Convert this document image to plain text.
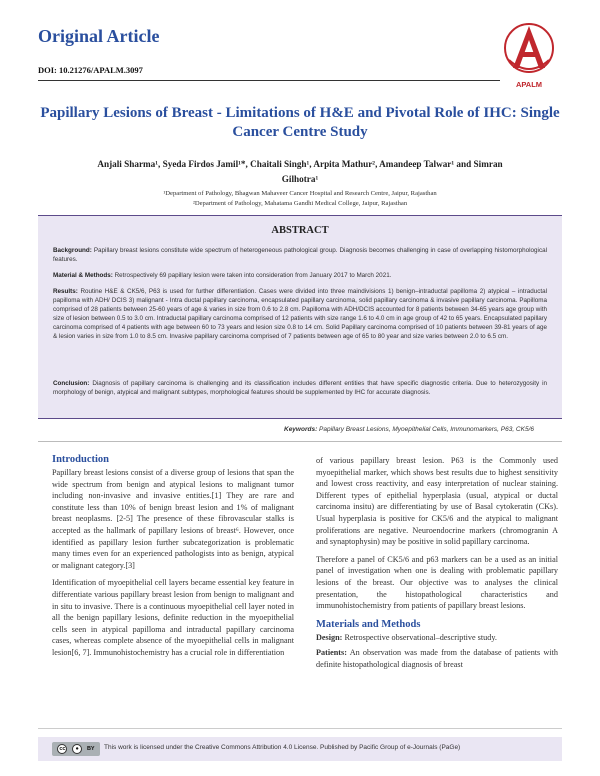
Original Article
DOI: 10.21276/APALM.3097
APALM
Papillary Lesions of Breast - Limitations of H&E and Pivotal Role of IHC: Single Cancer Centre Study
Anjali Sharma¹, Syeda Firdos Jamil¹*, Chaitali Singh¹, Arpita Mathur², Amandeep Talwar¹ and Simran Gilhotra¹
¹Department of Pathology, Bhagwan Mahaveer Cancer Hospital and Research Centre, Jaipur, Rajasthan
²Department of Pathology, Mahatama Gandhi Medical College, Jaipur, Rajasthan
ABSTRACT
Background: Papillary breast lesions constitute wide spectrum of heterogeneous pathological group. Diagnosis becomes challenging in case of overlapping histomorphological features.
Material & Methods: Retrospectively 69 papillary lesion were taken into consideration from January 2017 to March 2021.
Results: Routine H&E & CK5/6, P63 is used for further differentiation. Cases were divided into three maindivisions 1) benign–intraductal papilloma 2) atypical – intraductal papilloma with ADH/ DCIS 3) malignant - Intra ductal papillary carcinoma, encapsulated papillary carcinoma, solid papillary carcinoma & invasive papillary carcinoma. Papilloma comprised of 28 patients between 25-60 years of age & varies in size from 0.6 to 2.8 cm. Papilloma with ADH/DCIS accounted for 8 patients between 34-65 years age group with size of lesion between 0.5 to 3.0 cm. Intraductal papillary carcinoma comprised of 12 patients with size range 1.6 to 4.0 cm in age group of 42 to 65 years. Encapsulated papillary carcinoma comprised of 4 patients with age between 60 to 73 years and lesion size 0.8 to 14 cm. Solid Papillary carcinoma comprised of 10 patients between 39-81 years of age & lesion varies in size from 1.0 to 8.5 cm. Invasive papillary carcinoma comprised of 7 patients between age of 65 to 80 year and size varies between 2.0 to 6.5 cm.
Conclusion: Diagnosis of papillary carcinoma is challenging and its classification includes different entities that have specific diagnostic criteria. Due to heterozygosity in morphology of benign, atypical and malignant subtypes, morphological features should be supplemented by IHC for accurate diagnosis.
Keywords: Papillary Breast Lesions, Myoepithelial Cells, Immunomarkers, P63, CK5/6
Introduction

Papillary breast lesions consist of a diverse group of lesions that span the wide spectrum from benign and atypical lesions to malignant tumor including non-invasive and invasive entities.[1] They are rare and constitute less than 10% of benign breast lesion and 1% of malignant breast neoplasms. [2-5] The presence of these fibrovascular stalks is accepted as the hallmark of papillary lesions of breast⁶. However, once identified as papillary lesion further subcategorization is problematic many times even for an experienced pathologists into as benign, atypical or malignant category.[3]

Identification of myoepithelial cell layers became essential key feature in differentiate various papillary breast lesion from benign to malignant and in situ to invasive. There is a continuous myoepithelial cell layer noted in all the benign papillary lesions, definite reduction in the myoepithelial cells seen in atypical papilloma and intraductal papillary carcinoma cases, whereas complete absence of the myoepithelial cells in malignant lesion[6, 7]. Immunohistochemistry has a crucial role in differentiation

of various papillary breast lesion. P63 is the Commonly used myoepithelial marker, which shows best results due to highest sensitivity and lowest cross reactivity, and easy interpretation of nuclear staining. Different types of epithelial hyperplasia (usual, atypical or ductal carcinoma insitu) are differentiating by use of Basal cytokeratin (CKs). Usual hyperplasia is positive for CK5/6 and the atypical to malignant proliferations are negative. Neuroendocrine markers (chromogranin A and synaptophysin) may be positive in solid papillary carcinoma.

Therefore a panel of CK5/6 and p63 markers can be a used as an initial panel of investigation when one is dealing with problematic papillary lesions of the breast. Our objective was to analyses the clinical presentation, the histopathological characteristics and immunohistochemistry from patients of papillary breast lesions.

Materials and Methods

Design: Retrospective observational–descriptive study.

Patients: An observation was made from the database of patients with definite histopathological diagnosis of breast

cc	●	BY This work is licensed under the Creative Commons Attribution 4.0 License. Published by Pacific Group of e-Journals (PaGe)
